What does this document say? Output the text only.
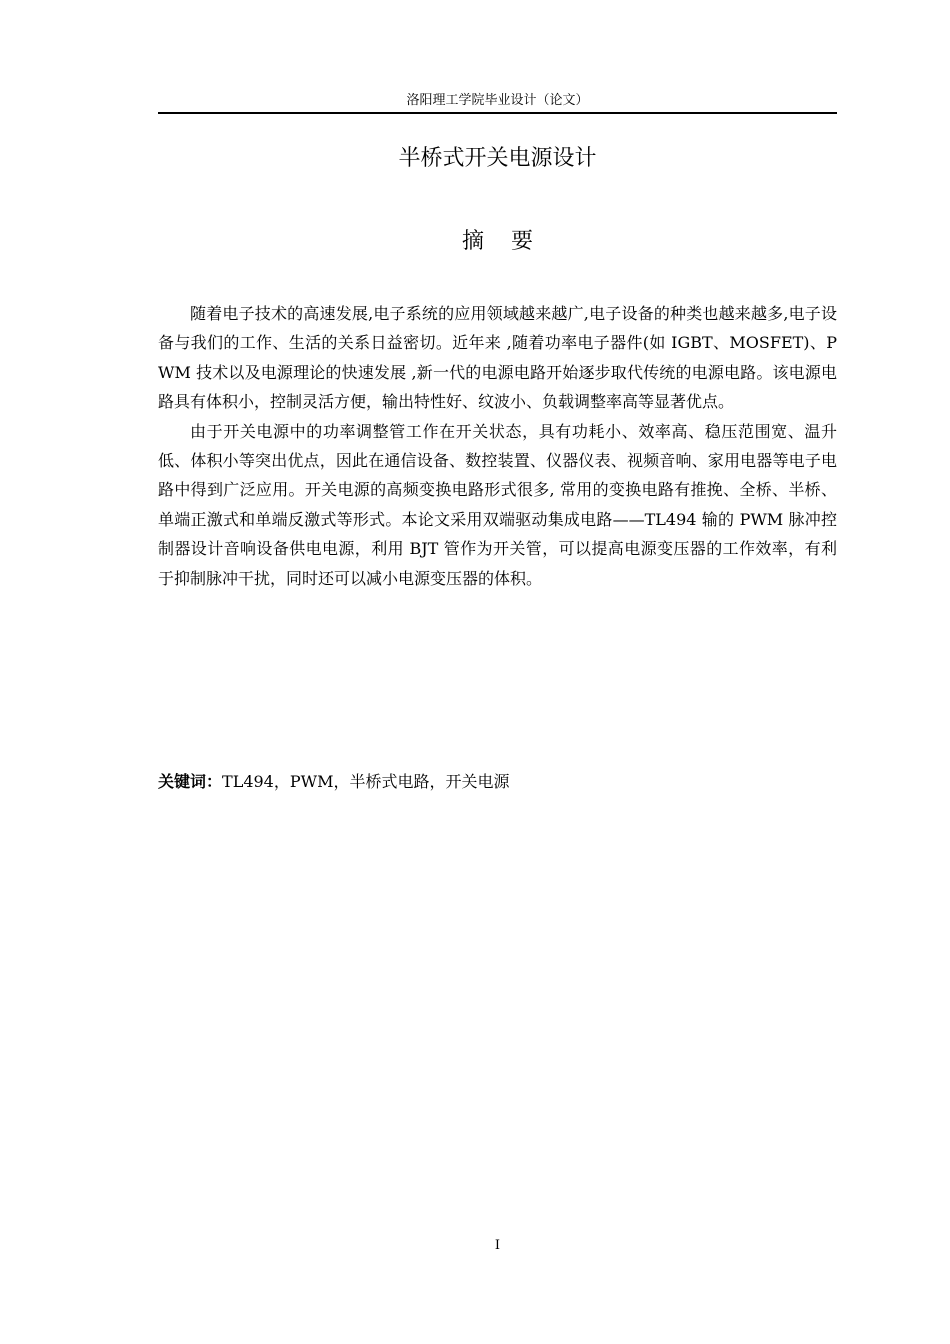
洛阳理工学院毕业设计（论文）
半桥式开关电源设计
摘 要

随着电子技术的高速发展,电子系统的应用领域越来越广,电子设备的种类也越来越多,电子设备与我们的工作、生活的关系日益密切。近年来 ,随着功率电子器件(如 IGBT、MOSFET)、PWM 技术以及电源理论的快速发展 ,新一代的电源电路开始逐步取代传统的电源电路。该电源电路具有体积小，控制灵活方便，输出特性好、纹波小、负载调整率高等显著优点。

由于开关电源中的功率调整管工作在开关状态，具有功耗小、效率高、稳压范围宽、温升低、体积小等突出优点，因此在通信设备、数控装置、仪器仪表、视频音响、家用电器等电子电路中得到广泛应用。开关电源的高频变换电路形式很多, 常用的变换电路有推挽、全桥、半桥、单端正激式和单端反激式等形式。本论文采用双端驱动集成电路——TL494 输的 PWM 脉冲控制器设计音响设备供电电源，利用 BJT 管作为开关管，可以提高电源变压器的工作效率，有利于抑制脉冲干扰，同时还可以减小电源变压器的体积。

关键词：TL494，PWM，半桥式电路，开关电源
I
